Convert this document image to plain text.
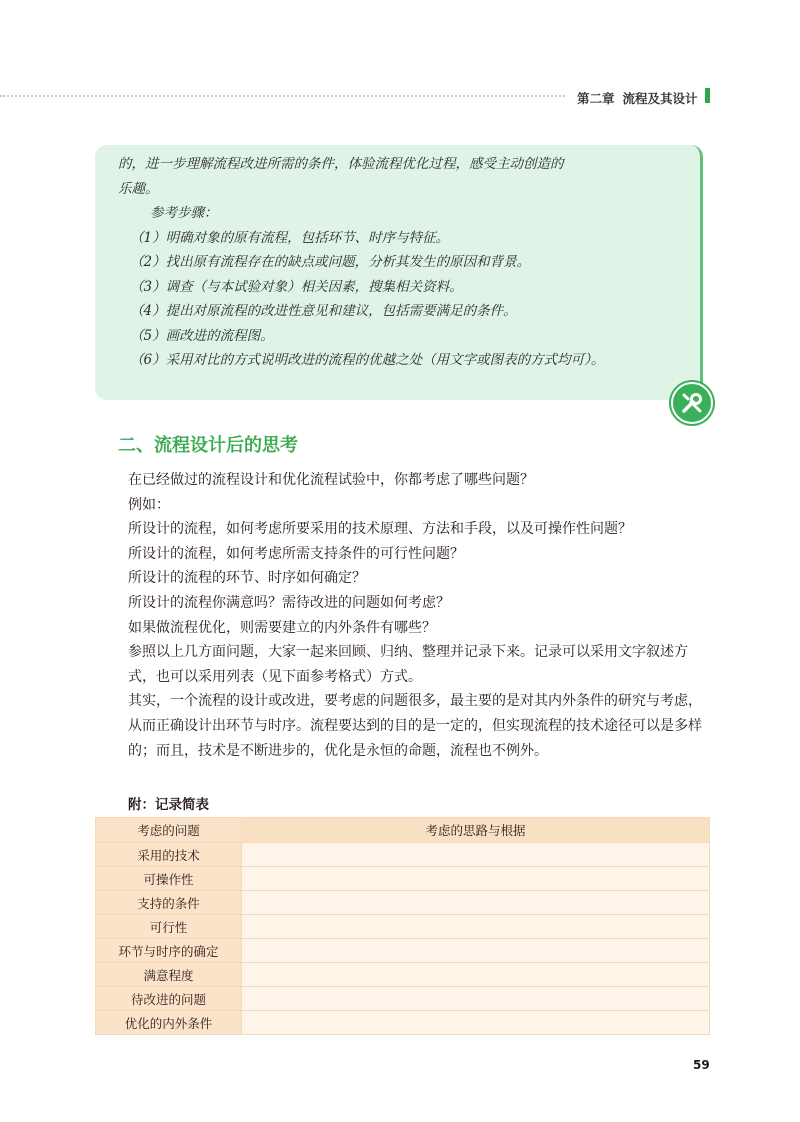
第二章 流程及其设计

的，进一步理解流程改进所需的条件，体验流程优化过程，感受主动创造的

乐趣。

参考步骤：

（1）明确对象的原有流程，包括环节、时序与特征。

（2）找出原有流程存在的缺点或问题，分析其发生的原因和背景。

（3）调查（与本试验对象）相关因素，搜集相关资料。

（4）提出对原流程的改进性意见和建议，包括需要满足的条件。

（5）画改进的流程图。

（6）采用对比的方式说明改进的流程的优越之处（用文字或图表的方式均可）。

二、流程设计后的思考

在已经做过的流程设计和优化流程试验中，你都考虑了哪些问题？

例如：

所设计的流程，如何考虑所要采用的技术原理、方法和手段，以及可操作性问题？

所设计的流程，如何考虑所需支持条件的可行性问题？

所设计的流程的环节、时序如何确定？

所设计的流程你满意吗？需待改进的问题如何考虑？

如果做流程优化，则需要建立的内外条件有哪些？

参照以上几方面问题，大家一起来回顾、归纳、整理并记录下来。记录可以采用文字叙述方式，也可以采用列表（见下面参考格式）方式。

其实，一个流程的设计或改进，要考虑的问题很多，最主要的是对其内外条件的研究与考虑，从而正确设计出环节与时序。流程要达到的目的是一定的，但实现流程的技术途径可以是多样的；而且，技术是不断进步的，优化是永恒的命题，流程也不例外。

附：记录简表
考虑的问题	考虑的思路与根据
采用的技术	
可操作性	
支持的条件	
可行性	
环节与时序的确定	
满意程度	
待改进的问题	
优化的内外条件	
59
